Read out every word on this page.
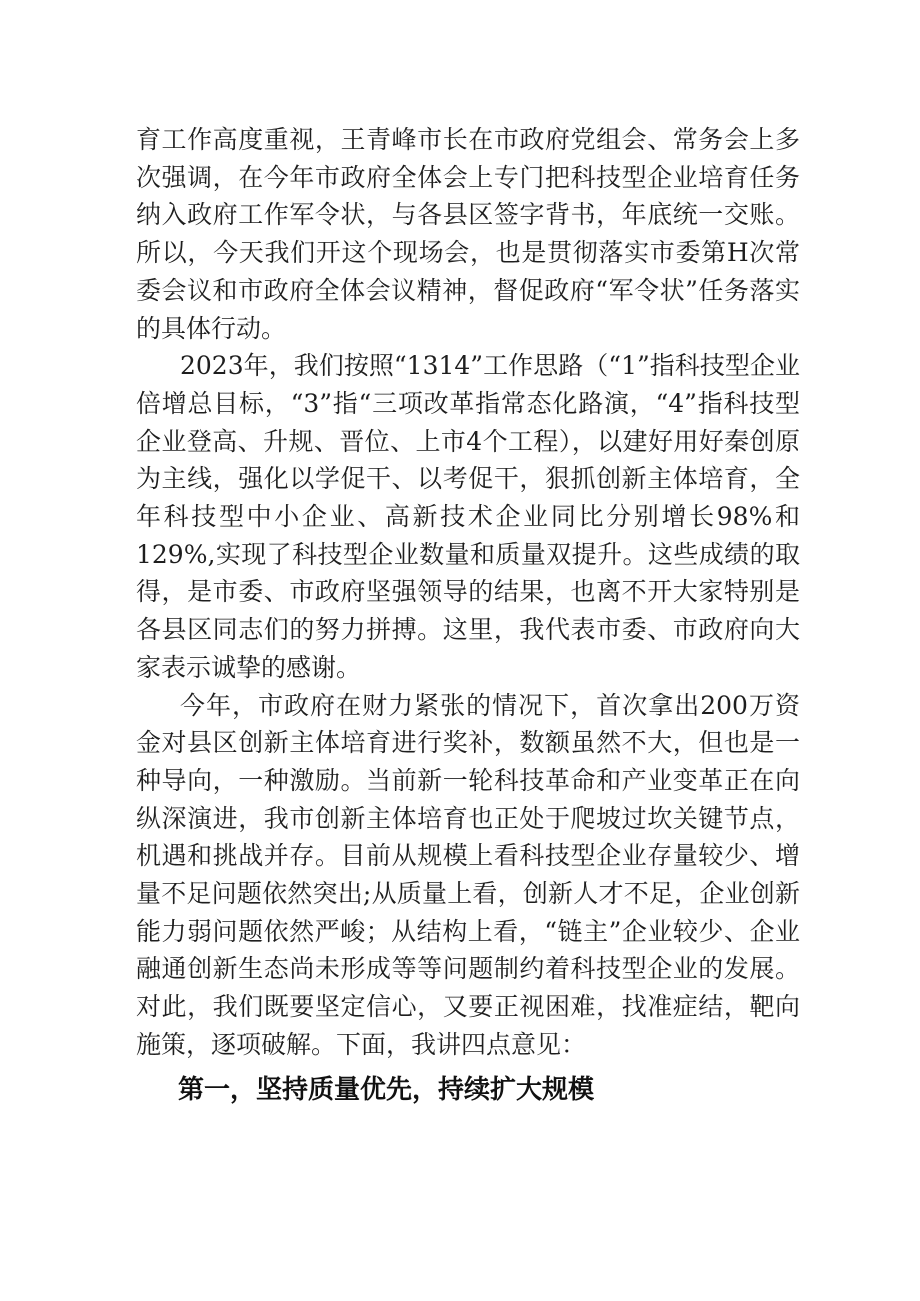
育工作高度重视，王青峰市长在市政府党组会、常务会上多次强调，在今年市政府全体会上专门把科技型企业培育任务纳入政府工作军令状，与各县区签字背书，年底统一交账。所以，今天我们开这个现场会，也是贯彻落实市委第H次常委会议和市政府全体会议精神，督促政府“军令状”任务落实的具体行动。

2023年，我们按照“1314”工作思路（“1”指科技型企业倍增总目标，“3”指“三项改革指常态化路演，“4”指科技型企业登高、升规、晋位、上市4个工程），以建好用好秦创原为主线，强化以学促干、以考促干，狠抓创新主体培育，全年科技型中小企业、高新技术企业同比分别增长98%和129%,实现了科技型企业数量和质量双提升。这些成绩的取得，是市委、市政府坚强领导的结果，也离不开大家特别是各县区同志们的努力拼搏。这里，我代表市委、市政府向大家表示诚挚的感谢。

今年，市政府在财力紧张的情况下，首次拿出200万资金对县区创新主体培育进行奖补，数额虽然不大，但也是一种导向，一种激励。当前新一轮科技革命和产业变革正在向纵深演进，我市创新主体培育也正处于爬坡过坎关键节点，机遇和挑战并存。目前从规模上看科技型企业存量较少、增量不足问题依然突出;从质量上看，创新人才不足，企业创新能力弱问题依然严峻；从结构上看，“链主”企业较少、企业融通创新生态尚未形成等等问题制约着科技型企业的发展。对此，我们既要坚定信心，又要正视困难，找准症结，靶向施策，逐项破解。下面，我讲四点意见：

第一，坚持质量优先，持续扩大规模
